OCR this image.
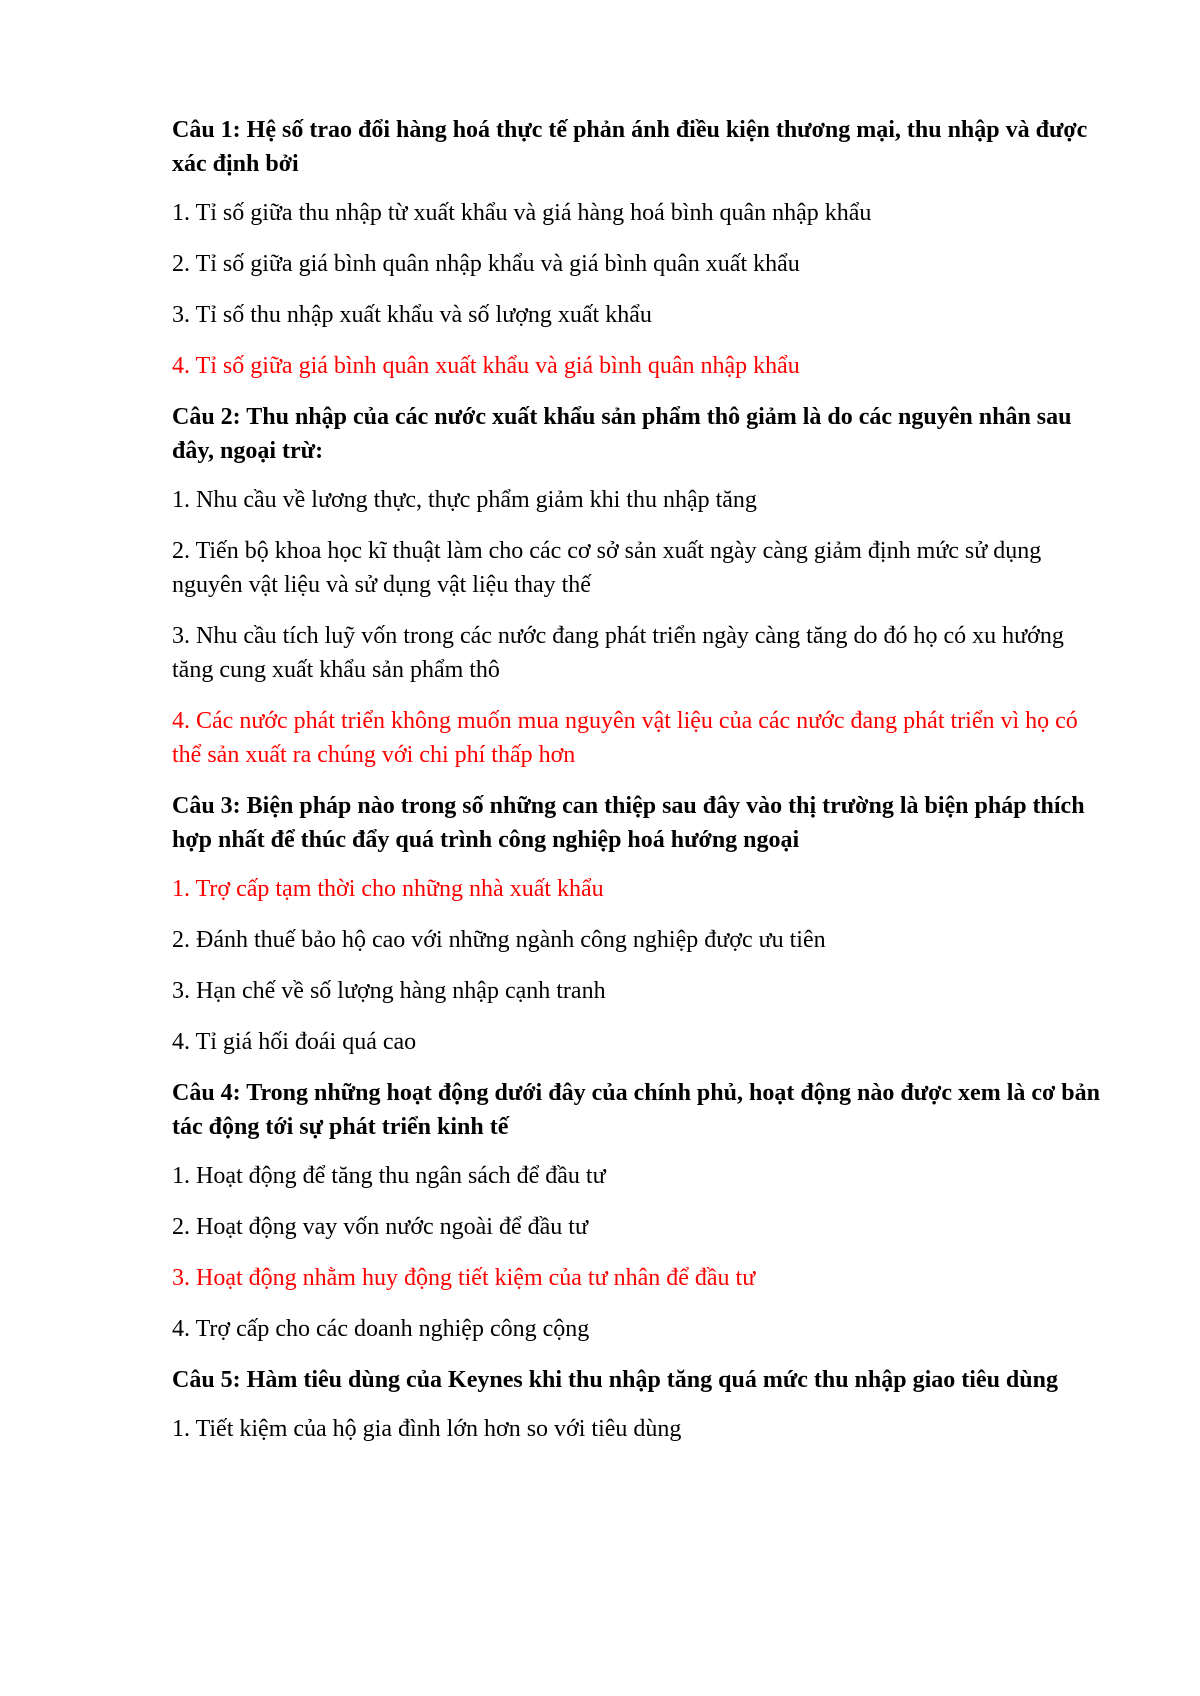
Câu 1: Hệ số trao đổi hàng hoá thực tế phản ánh điều kiện thương mại, thu nhập và được xác định bởi
1. Tỉ số giữa thu nhập từ xuất khẩu và giá hàng hoá bình quân nhập khẩu
2. Tỉ số giữa giá bình quân nhập khẩu và giá bình quân xuất khẩu
3. Tỉ số thu nhập xuất khẩu và số lượng xuất khẩu
4. Tỉ số giữa giá bình quân xuất khẩu và giá bình quân nhập khẩu
Câu 2: Thu nhập của các nước xuất khẩu sản phẩm thô giảm là do các nguyên nhân sau đây, ngoại trừ:
1. Nhu cầu về lương thực, thực phẩm giảm khi thu nhập tăng
2. Tiến bộ khoa học kĩ thuật làm cho các cơ sở sản xuất ngày càng giảm định mức sử dụng nguyên vật liệu và sử dụng vật liệu thay thế
3. Nhu cầu tích luỹ vốn trong các nước đang phát triển ngày càng tăng do đó họ có xu hướng tăng cung xuất khẩu sản phẩm thô
4. Các nước phát triển không muốn mua nguyên vật liệu của các nước đang phát triển vì họ có thể sản xuất ra chúng với chi phí thấp hơn
Câu 3: Biện pháp nào trong số những can thiệp sau đây vào thị trường là biện pháp thích hợp nhất để thúc đẩy quá trình công nghiệp hoá hướng ngoại
1. Trợ cấp tạm thời cho những nhà xuất khẩu
2. Đánh thuế bảo hộ cao với những ngành công nghiệp được ưu tiên
3. Hạn chế về số lượng hàng nhập cạnh tranh
4. Tỉ giá hối đoái quá cao
Câu 4: Trong những hoạt động dưới đây của chính phủ, hoạt động nào được xem là cơ bản tác động tới sự phát triển kinh tế
1. Hoạt động để tăng thu ngân sách để đầu tư
2. Hoạt động vay vốn nước ngoài để đầu tư
3. Hoạt động nhằm huy động tiết kiệm của tư nhân để đầu tư
4. Trợ cấp cho các doanh nghiệp công cộng
Câu 5: Hàm tiêu dùng của Keynes khi thu nhập tăng quá mức thu nhập giao tiêu dùng
1. Tiết kiệm của hộ gia đình lớn hơn so với tiêu dùng
